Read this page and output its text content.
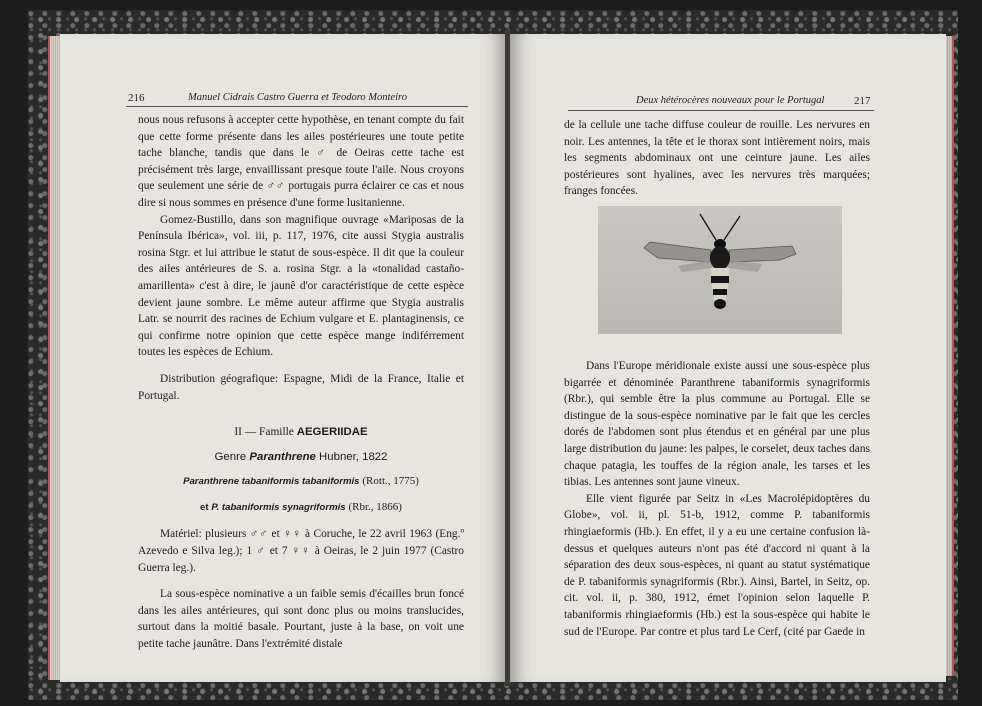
216	Manuel Cidrais Castro Guerra et Teodoro Monteiro

nous nous refusons à accepter cette hypothèse, en tenant compte du fait que cette forme présente dans les ailes postérieures une toute petite tache blanche, tandis que dans le ♂ de Oeiras cette tache est précisément très large, envaillissant presque toute l'aile. Nous croyons que seulement une série de ♂♂ portugais purra éclairer ce cas et nous dire si nous sommes en présence d'une forme lusitanienne.

Gomez-Bustillo, dans son magnifique ouvrage «Mariposas de la Península Ibérica», vol. iii, p. 117, 1976, cite aussi Stygia australis rosina Stgr. et lui attribue le statut de sous-espèce. Il dit que la couleur des ailes antérieures de S. a. rosina Stgr. a la «tonalidad castaño-amarillenta» c'est à dire, le jaunê d'or caractéristique de cette espèce devient jaune sombre. Le même auteur affirme que Stygia australis Latr. se nourrit des racines de Echium vulgare et E. plantaginensis, ce qui confirme notre opinion que cette espèce mange indiférrement toutes les espèces de Echium.

Distribution géografique: Espagne, Midi de la France, Italie et Portugal.

II — Famille AEGERIIDAE

Genre Paranthrene Hubner, 1822

Paranthrene tabaniformis tabaniformis (Rott., 1775)

et P. tabaniformis synagriformis (Rbr., 1866)

Matériel: plusieurs ♂♂ et ♀♀ à Coruche, le 22 avril 1963 (Eng.º Azevedo e Silva leg.); 1 ♂ et 7 ♀♀ à Oeiras, le 2 juin 1977 (Castro Guerra leg.).

La sous-espèce nominative a un faible semis d'écailles brun foncé dans les ailes antérieures, qui sont donc plus ou moins translucides, surtout dans la moitié basale. Pourtant, juste à la base, on voit une petite tache jaunâtre. Dans l'extrémité distale

Deux hétérocères nouveaux pour le Portugal	217

de la cellule une tache diffuse couleur de rouille. Les nervures en noir. Les antennes, la tête et le thorax sont intièrement noirs, mais les segments abdominaux ont une ceinture jaune. Les ailes postérieures sont hyalines, avec les nervures très marquées; franges foncées.

Dans l'Europe méridionale existe aussi une sous-espèce plus bigarrée et dénominée Paranthrene tabaniformis synagriformis (Rbr.), qui semble être la plus commune au Portugal. Elle se distingue de la sous-espèce nominative par le fait que les cercles dorés de l'abdomen sont plus étendus et en général par une plus large distribution du jaune: les palpes, le corselet, deux taches dans chaque patagia, les touffes de la région anale, les tarses et les tibias. Les antennes sont jaune vineux.

Elle vient figurée par Seitz in «Les Macrolépidoptères du Globe», vol. ii, pl. 51-b, 1912, comme P. tabaniformis rhingiaeformis (Hb.). En effet, il y a eu une certaine confusion là-dessus et quelques auteurs n'ont pas été d'accord ni quant à la séparation des deux sous-espèces, ni quant au statut systématique de P. tabaniformis synagriformis (Rbr.). Ainsi, Bartel, in Seitz, op. cit. vol. ii, p. 380, 1912, émet l'opinion selon laquelle P. tabaniformis rhingiaeformis (Hb.) est la sous-espèce qui habite le sud de l'Europe. Par contre et plus tard Le Cerf, (cité par Gaede in
